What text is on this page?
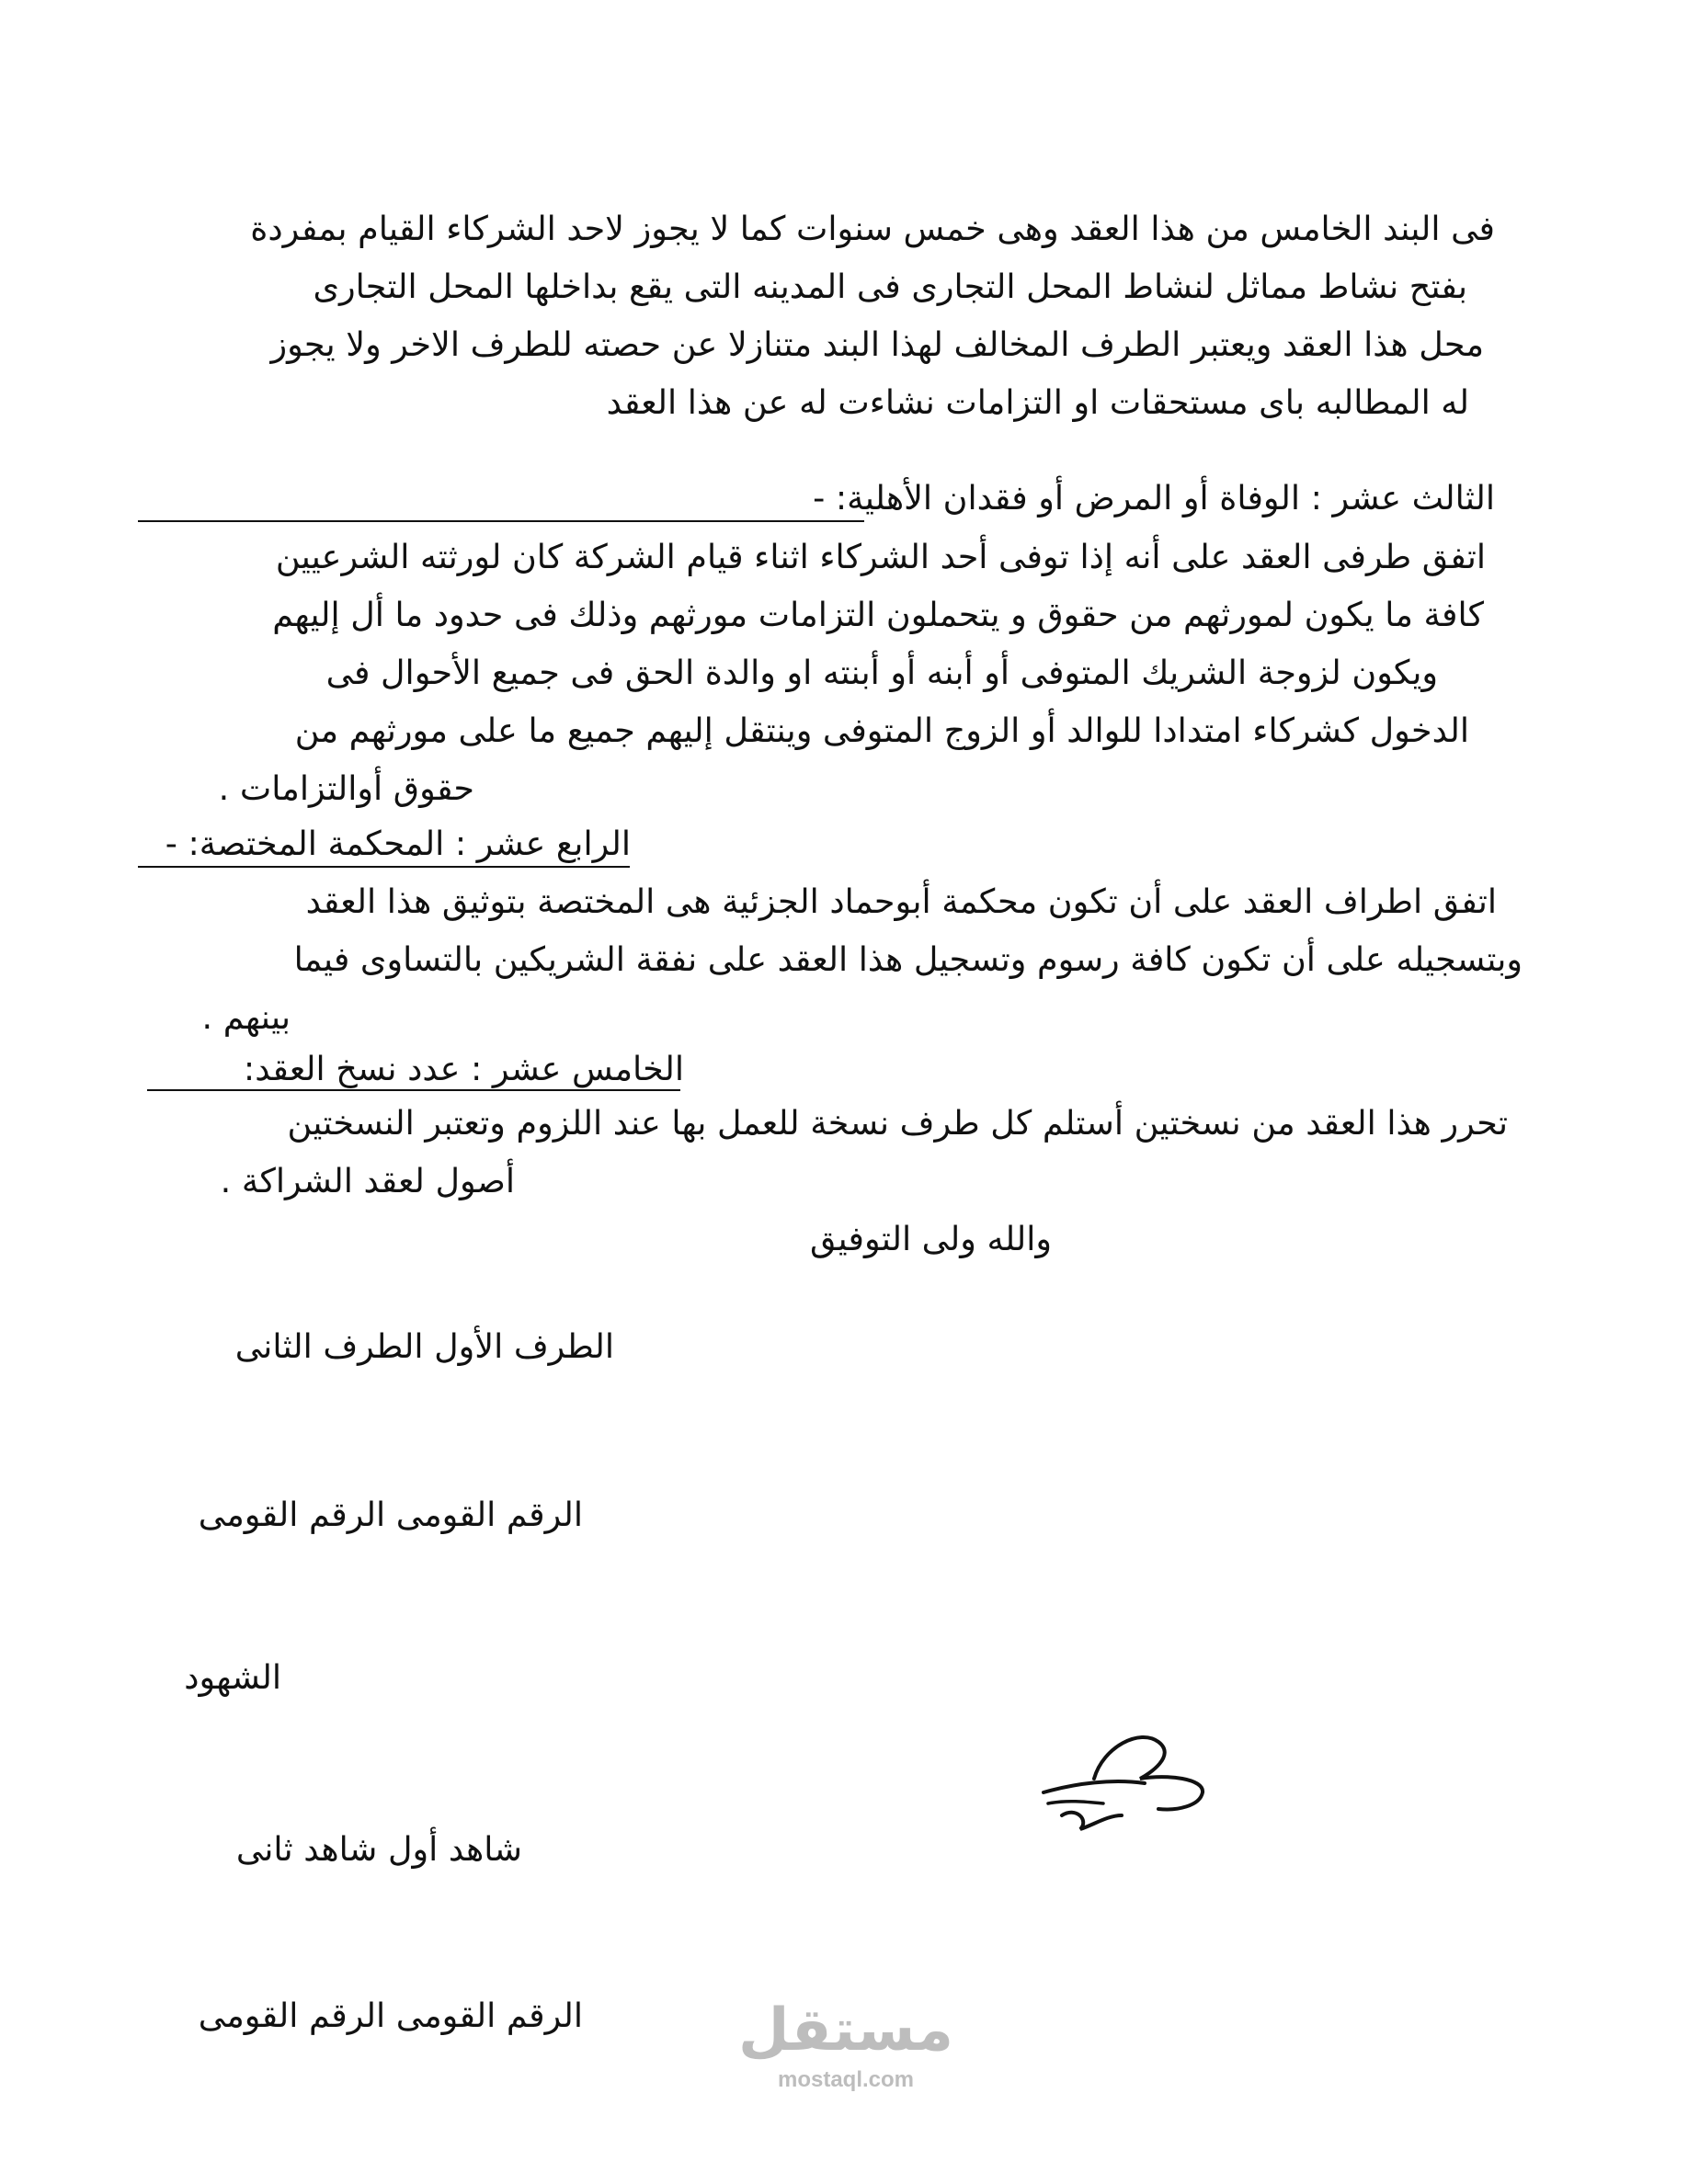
فى البند الخامس من هذا العقد وهى خمس سنوات كما لا يجوز لاحد الشركاء القيام بمفردة
بفتح نشاط مماثل لنشاط المحل التجارى فى المدينه التى يقع بداخلها المحل التجارى
محل هذا العقد ويعتبر الطرف المخالف لهذا البند متنازلا عن حصته للطرف الاخر ولا يجوز
له المطالبه باى مستحقات او التزامات نشاءت له عن هذا العقد
الثالث عشر : الوفاة أو المرض أو فقدان الأهلية: -
اتفق طرفى العقد على أنه إذا توفى أحد الشركاء اثناء قيام الشركة كان لورثته الشرعيين
كافة ما يكون لمورثهم من حقوق و يتحملون التزامات مورثهم وذلك فى حدود ما أل إليهم
ويكون لزوجة الشريك المتوفى أو أبنه أو أبنته او والدة الحق فى جميع الأحوال فى
الدخول كشركاء امتدادا للوالد أو الزوج المتوفى وينتقل إليهم جميع ما على مورثهم من
حقوق أوالتزامات .
الرابع عشر : المحكمة المختصة: -
اتفق اطراف العقد على أن تكون محكمة أبوحماد الجزئية هى المختصة بتوثيق هذا العقد
وبتسجيله على أن تكون كافة رسوم وتسجيل هذا العقد على نفقة الشريكين بالتساوى فيما
بينهم .
الخامس عشر : عدد نسخ العقد:
تحرر هذا العقد من نسختين أستلم كل طرف نسخة للعمل بها عند اللزوم وتعتبر النسختين
أصول لعقد الشراكة .
والله ولى التوفيق
الطرف الأول الطرف الثانى
الرقم القومى الرقم القومى
الشهود
شاهد أول شاهد ثانى
الرقم القومى الرقم القومى	مستقل
mostaql.com
